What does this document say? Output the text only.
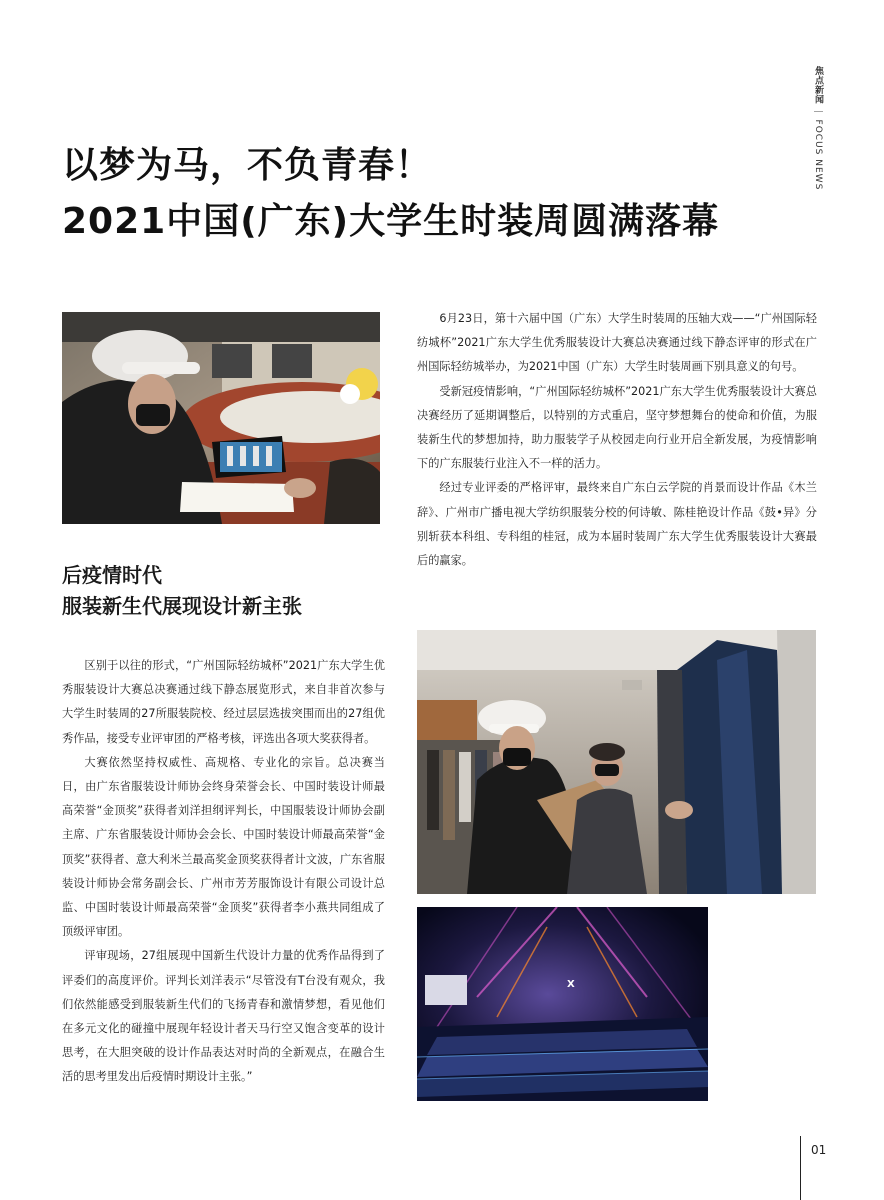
焦点新闻|FOCUS NEWS
以梦为马，不负青春！
2021中国(广东)大学生时装周圆满落幕
后疫情时代
服装新生代展现设计新主张

6月23日，第十六届中国（广东）大学生时装周的压轴大戏——“广州国际轻纺城杯”2021广东大学生优秀服装设计大赛总决赛通过线下静态评审的形式在广州国际轻纺城举办，为2021中国（广东）大学生时装周画下别具意义的句号。

受新冠疫情影响，“广州国际轻纺城杯”2021广东大学生优秀服装设计大赛总决赛经历了延期调整后，以特别的方式重启，坚守梦想舞台的使命和价值，为服装新生代的梦想加持，助力服装学子从校园走向行业开启全新发展，为疫情影响下的广东服装行业注入不一样的活力。

经过专业评委的严格评审，最终来自广东白云学院的肖景而设计作品《木兰辞》、广州市广播电视大学纺织服装分校的何诗敏、陈桂艳设计作品《鼓•异》分别斩获本科组、专科组的桂冠，成为本届时装周广东大学生优秀服装设计大赛最后的赢家。

区别于以往的形式，“广州国际轻纺城杯”2021广东大学生优秀服装设计大赛总决赛通过线下静态展览形式，来自非首次参与大学生时装周的27所服装院校、经过层层选拔突围而出的27组优秀作品，接受专业评审团的严格考核，评选出各项大奖获得者。

大赛依然坚持权威性、高规格、专业化的宗旨。总决赛当日，由广东省服装设计师协会终身荣誉会长、中国时装设计师最高荣誉“金顶奖”获得者刘洋担纲评判长，中国服装设计师协会副主席、广东省服装设计师协会会长、中国时装设计师最高荣誉“金顶奖”获得者、意大利米兰最高奖金顶奖获得者计文波，广东省服装设计师协会常务副会长、广州市芳芳服饰设计有限公司设计总监、中国时装设计师最高荣誉“金顶奖”获得者李小燕共同组成了顶级评审团。

评审现场，27组展现中国新生代设计力量的优秀作品得到了评委们的高度评价。评判长刘洋表示“尽管没有T台没有观众，我们依然能感受到服装新生代们的飞扬青春和激情梦想，看见他们在多元文化的碰撞中展现年轻设计者天马行空又饱含变革的设计思考，在大胆突破的设计作品表达对时尚的全新观点，在融合生活的思考里发出后疫情时期设计主张。”

X
01
